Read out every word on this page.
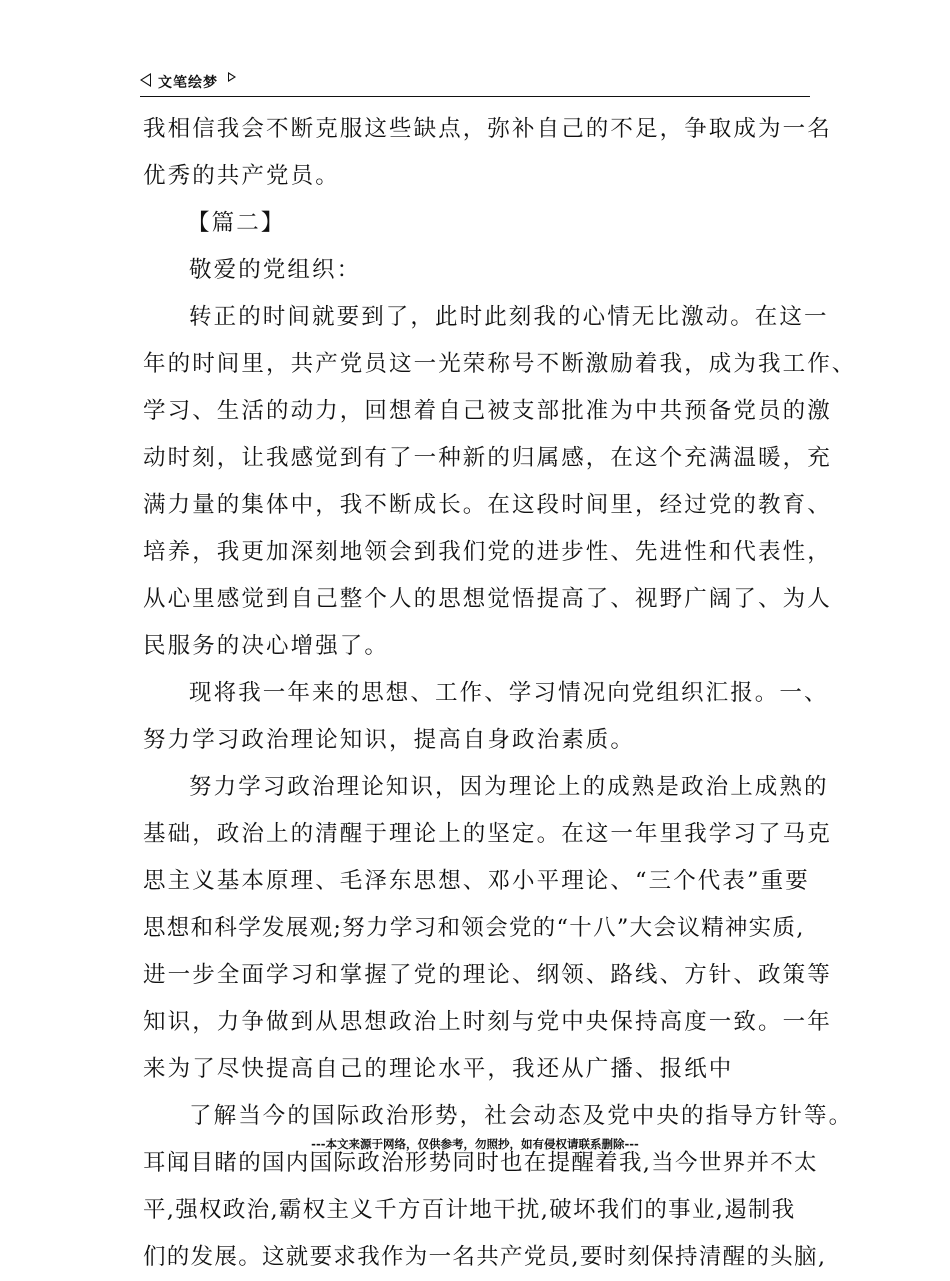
文笔绘梦
我相信我会不断克服这些缺点，弥补自己的不足，争取成为一名
优秀的共产党员。
【篇二】
敬爱的党组织：
转正的时间就要到了，此时此刻我的心情无比激动。在这一
年的时间里，共产党员这一光荣称号不断激励着我，成为我工作、
学习、生活的动力，回想着自己被支部批准为中共预备党员的激
动时刻，让我感觉到有了一种新的归属感，在这个充满温暖，充
满力量的集体中，我不断成长。在这段时间里，经过党的教育、
培养，我更加深刻地领会到我们党的进步性、先进性和代表性，
从心里感觉到自己整个人的思想觉悟提高了、视野广阔了、为人
民服务的决心增强了。
现将我一年来的思想、工作、学习情况向党组织汇报。一、
努力学习政治理论知识，提高自身政治素质。
努力学习政治理论知识，因为理论上的成熟是政治上成熟的
基础，政治上的清醒于理论上的坚定。在这一年里我学习了马克
思主义基本原理、毛泽东思想、邓小平理论、“三个代表”重要
思想和科学发展观;努力学习和领会党的“十八”大会议精神实质,
进一步全面学习和掌握了党的理论、纲领、路线、方针、政策等
知识，力争做到从思想政治上时刻与党中央保持高度一致。一年
来为了尽快提高自己的理论水平，我还从广播、报纸中
了解当今的国际政治形势，社会动态及党中央的指导方针等。
耳闻目睹的国内国际政治形势同时也在提醒着我,当今世界并不太
平,强权政治,霸权主义千方百计地干扰,破坏我们的事业,遏制我
们的发展。这就要求我作为一名共产党员,要时刻保持清醒的头脑,
---本文来源于网络，仅供参考，勿照抄，如有侵权请联系删除---
